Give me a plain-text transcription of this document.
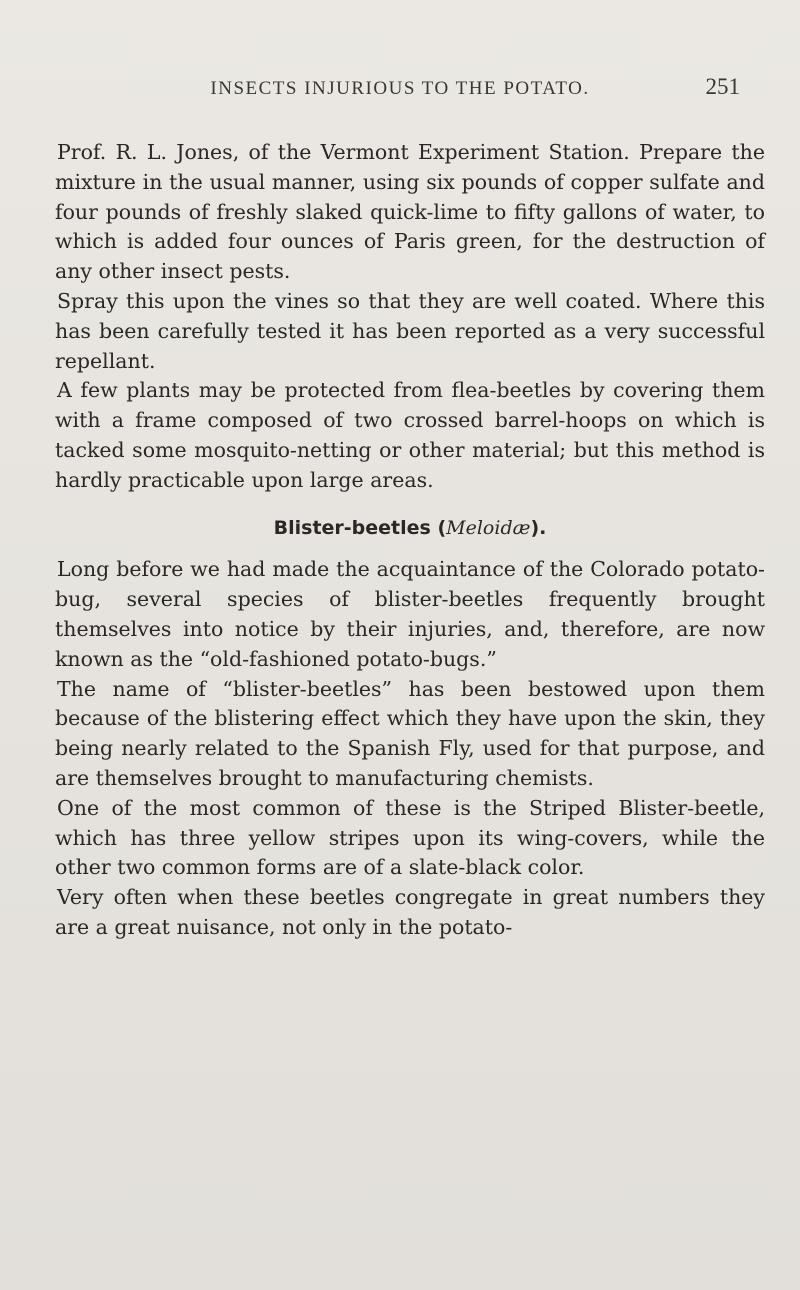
INSECTS INJURIOUS TO THE POTATO.	251

Prof. R. L. Jones, of the Vermont Experiment Station. Prepare the mixture in the usual manner, using six pounds of copper sulfate and four pounds of freshly slaked quick-lime to fifty gallons of water, to which is added four ounces of Paris green, for the destruction of any other insect pests.

Spray this upon the vines so that they are well coated. Where this has been carefully tested it has been reported as a very successful repellant.

A few plants may be protected from flea-beetles by covering them with a frame composed of two crossed barrel-hoops on which is tacked some mosquito-netting or other material; but this method is hardly practicable upon large areas.

Blister-beetles (Meloidæ).

Long before we had made the acquaintance of the Colorado potato-bug, several species of blister-beetles frequently brought themselves into notice by their injuries, and, therefore, are now known as the “old-fashioned potato-bugs.”

The name of “blister-beetles” has been bestowed upon them because of the blistering effect which they have upon the skin, they being nearly related to the Spanish Fly, used for that purpose, and are themselves brought to manufacturing chemists.

One of the most common of these is the Striped Blister-beetle, which has three yellow stripes upon its wing-covers, while the other two common forms are of a slate-black color.

Very often when these beetles congregate in great numbers they are a great nuisance, not only in the potato-
